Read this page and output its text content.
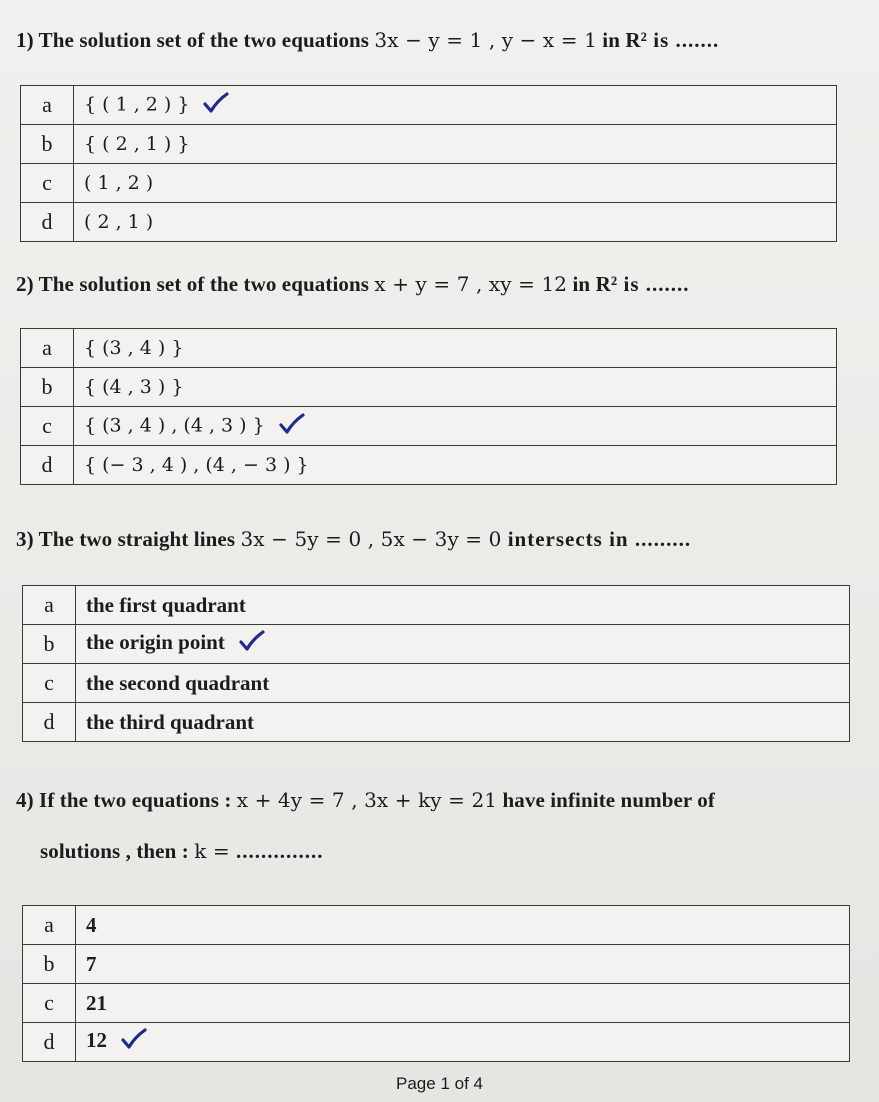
1) The solution set of the two equations 3x − y = 1 , y − x = 1 in R² is .......
a	{ ( 1 , 2 ) }
b	{ ( 2 , 1 ) }
c	( 1 , 2 )
d	( 2 , 1 )
2) The solution set of the two equations x + y = 7 , xy = 12 in R² is .......
a	{ (3 , 4 ) }
b	{ (4 , 3 ) }
c	{ (3 , 4 ) , (4 , 3 ) }
d	{ (− 3 , 4 ) , (4 , − 3 ) }
3) The two straight lines 3x − 5y = 0 , 5x − 3y = 0 intersects in .........
a	the first quadrant
b	the origin point
c	the second quadrant
d	the third quadrant
4) If the two equations : x + 4y = 7 , 3x + ky = 21 have infinite number of
solutions , then : k = ..............
a	4
b	7
c	21
d	12
Page 1 of 4
